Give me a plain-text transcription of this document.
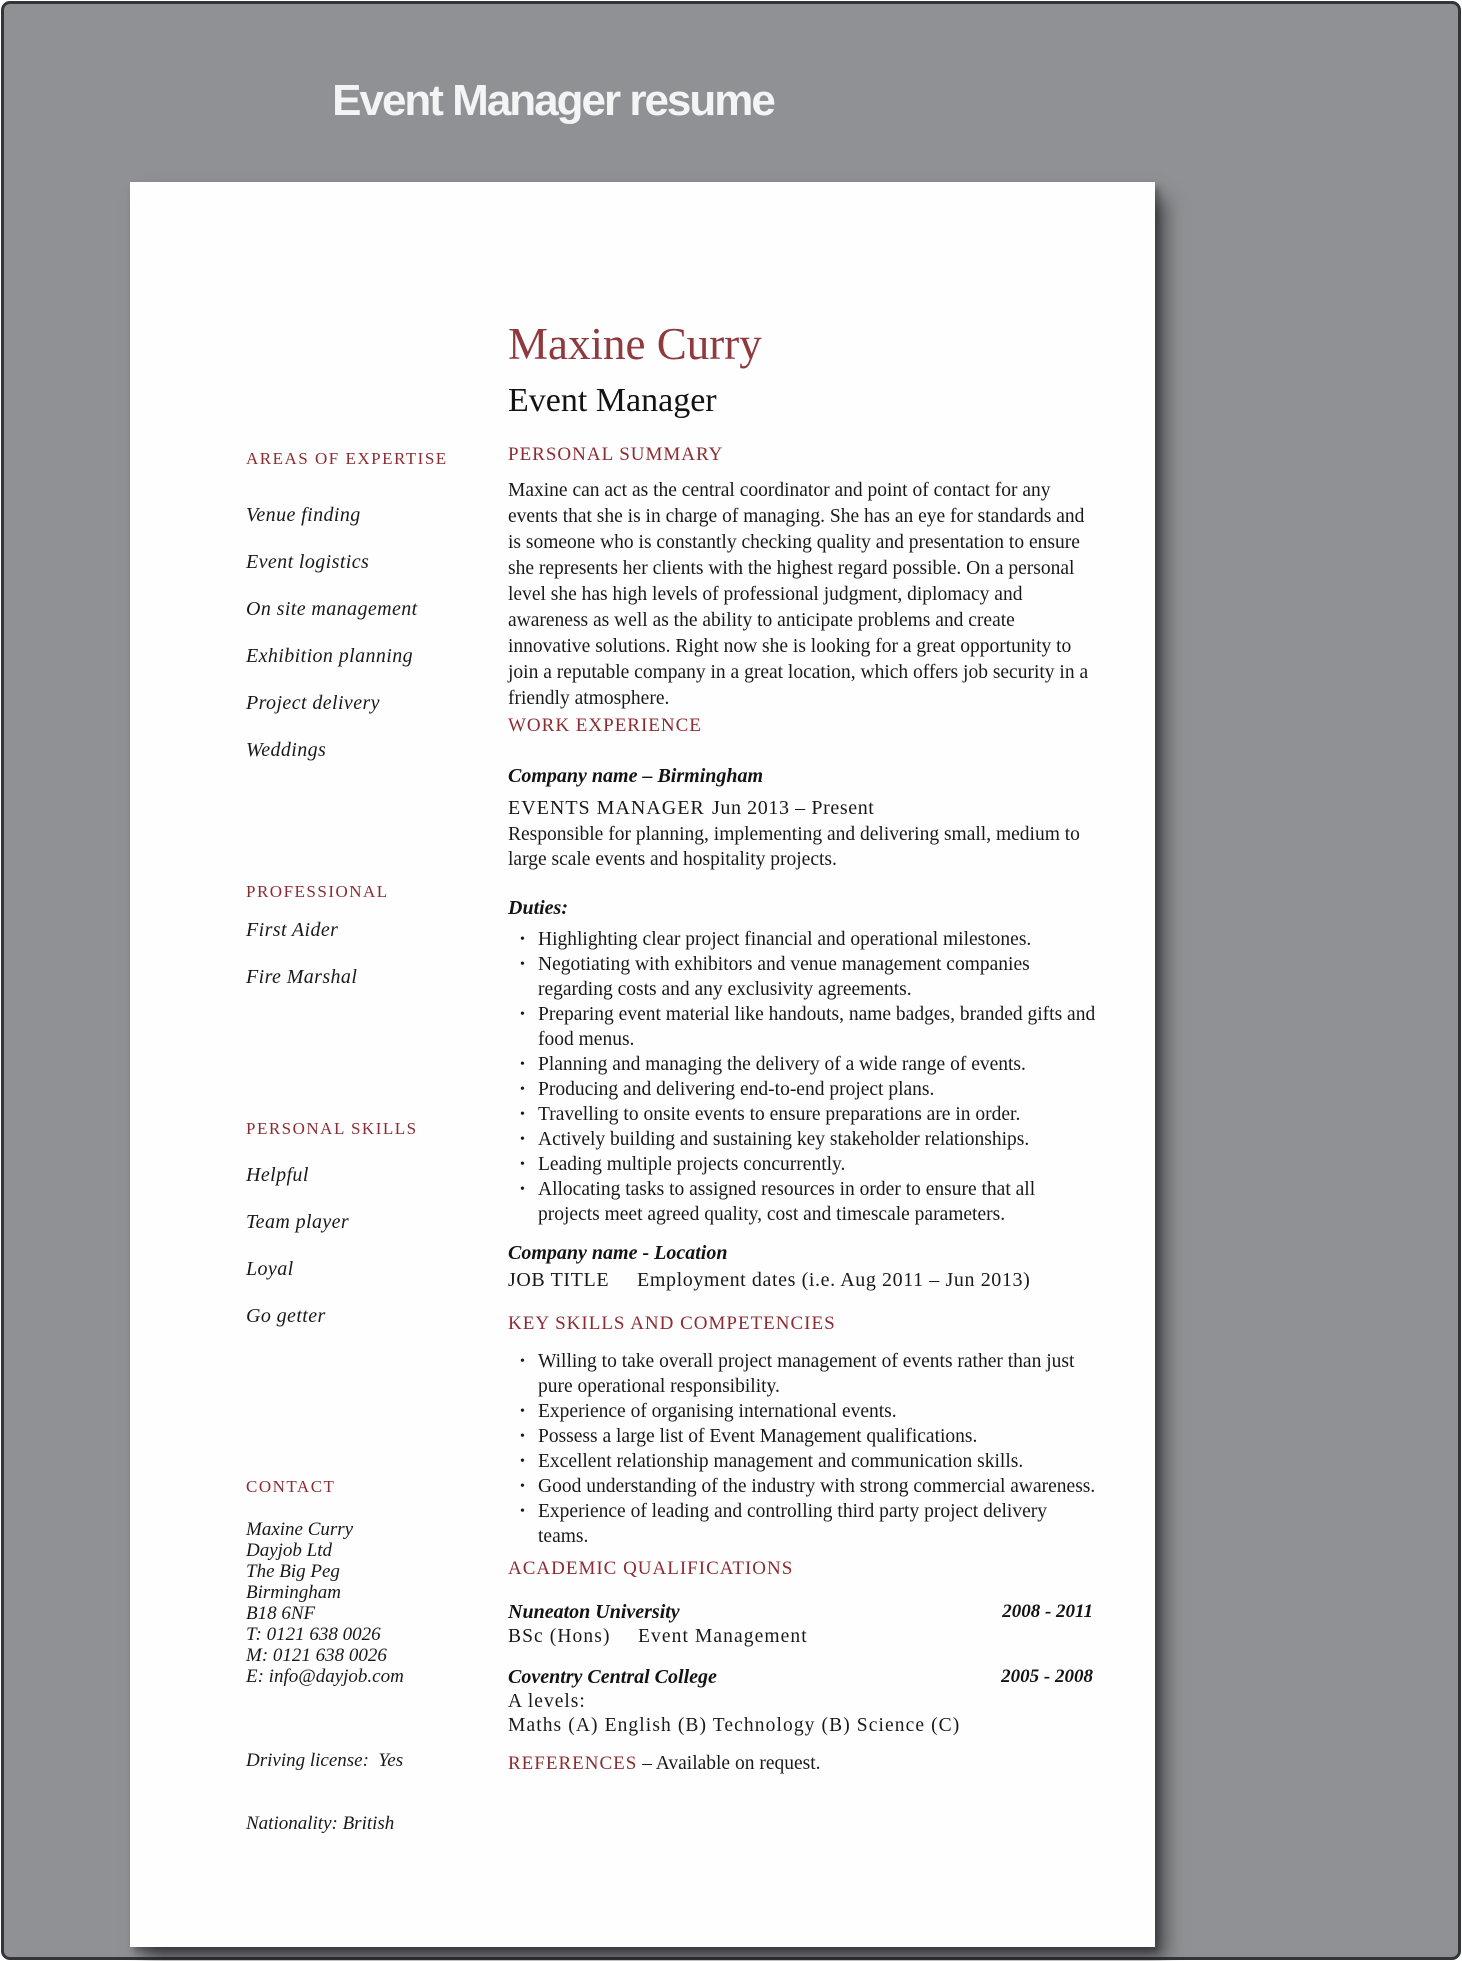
Event Manager resume
AREAS OF EXPERTISE
Venue finding
Event logistics
On site management
Exhibition planning
Project delivery
Weddings
PROFESSIONAL
First Aider
Fire Marshal
PERSONAL SKILLS
Helpful
Team player
Loyal
Go getter
CONTACT
Maxine Curry
Dayjob Ltd
The Big Peg
Birmingham
B18 6NF
T: 0121 638 0026
M: 0121 638 0026
E: info@dayjob.com

Driving license:  Yes

Nationality: British

Maxine Curry
Event Manager
PERSONAL SUMMARY
Maxine can act as the central coordinator and point of contact for any events that she is in charge of managing. She has an eye for standards and is someone who is constantly checking quality and presentation to ensure she represents her clients with the highest regard possible. On a personal level she has high levels of professional judgment, diplomacy and awareness as well as the ability to anticipate problems and create innovative solutions. Right now she is looking for a great opportunity to join a reputable company in a great location, which offers job security in a friendly atmosphere.
WORK EXPERIENCE
Company name – Birmingham
EVENTS MANAGER Jun 2013 – Present
Responsible for planning, implementing and delivering small, medium to large scale events and hospitality projects.
Duties:
• Highlighting clear project financial and operational milestones.
• Negotiating with exhibitors and venue management companies regarding costs and any exclusivity agreements.
• Preparing event material like handouts, name badges, branded gifts and food menus.
• Planning and managing the delivery of a wide range of events.
• Producing and delivering end-to-end project plans.
• Travelling to onsite events to ensure preparations are in order.
• Actively building and sustaining key stakeholder relationships.
• Leading multiple projects concurrently.
• Allocating tasks to assigned resources in order to ensure that all projects meet agreed quality, cost and timescale parameters.
Company name - Location
JOB TITLE Employment dates (i.e. Aug 2011 – Jun 2013)
KEY SKILLS AND COMPETENCIES
• Willing to take overall project management of events rather than just pure operational responsibility.
• Experience of organising international events.
• Possess a large list of Event Management qualifications.
• Excellent relationship management and communication skills.
• Good understanding of the industry with strong commercial awareness.
• Experience of leading and controlling third party project delivery teams.
ACADEMIC QUALIFICATIONS
Nuneaton University	2008 - 2011
BSc (Hons) Event Management
Coventry Central College	2005 - 2008
A levels:
Maths (A) English (B) Technology (B) Science (C)
REFERENCES – Available on request.
